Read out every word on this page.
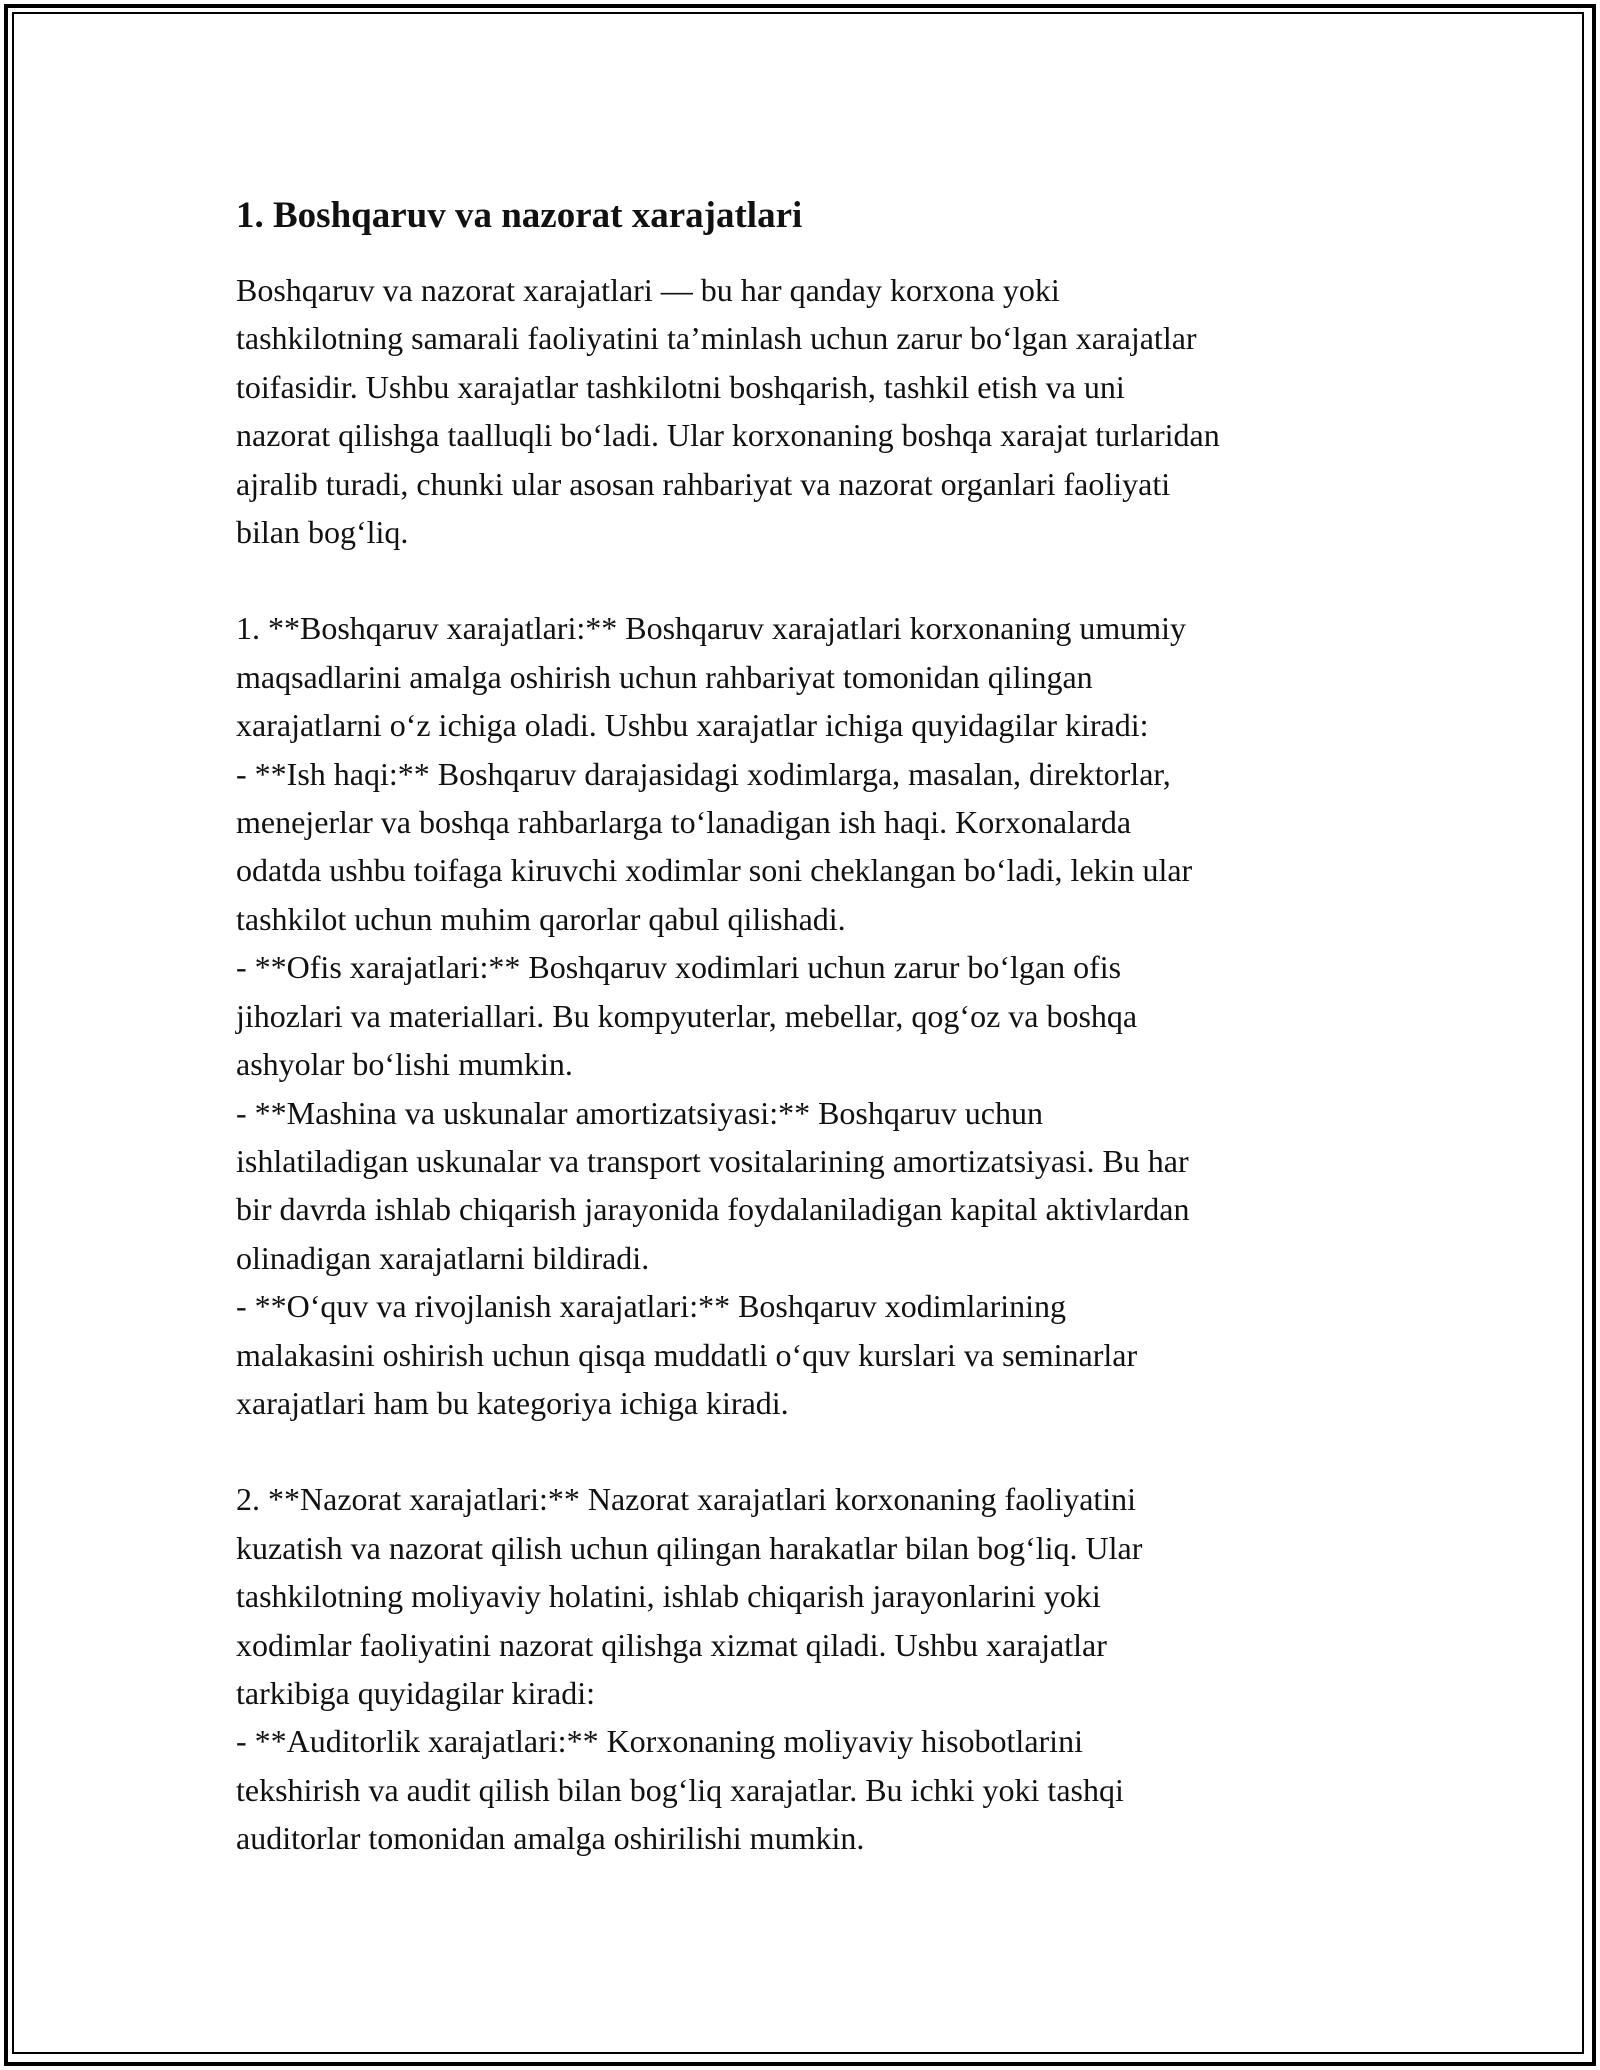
1. Boshqaruv va nazorat xarajatlari

Boshqaruv va nazorat xarajatlari — bu har qanday korxona yoki
tashkilotning samarali faoliyatini ta’minlash uchun zarur bo‘lgan xarajatlar
toifasidir. Ushbu xarajatlar tashkilotni boshqarish, tashkil etish va uni
nazorat qilishga taalluqli bo‘ladi. Ular korxonaning boshqa xarajat turlaridan
ajralib turadi, chunki ular asosan rahbariyat va nazorat organlari faoliyati
bilan bog‘liq.

1. **Boshqaruv xarajatlari:** Boshqaruv xarajatlari korxonaning umumiy
maqsadlarini amalga oshirish uchun rahbariyat tomonidan qilingan
xarajatlarni o‘z ichiga oladi. Ushbu xarajatlar ichiga quyidagilar kiradi:
- **Ish haqi:** Boshqaruv darajasidagi xodimlarga, masalan, direktorlar,
menejerlar va boshqa rahbarlarga to‘lanadigan ish haqi. Korxonalarda
odatda ushbu toifaga kiruvchi xodimlar soni cheklangan bo‘ladi, lekin ular
tashkilot uchun muhim qarorlar qabul qilishadi.
- **Ofis xarajatlari:** Boshqaruv xodimlari uchun zarur bo‘lgan ofis
jihozlari va materiallari. Bu kompyuterlar, mebellar, qog‘oz va boshqa
ashyolar bo‘lishi mumkin.
- **Mashina va uskunalar amortizatsiyasi:** Boshqaruv uchun
ishlatiladigan uskunalar va transport vositalarining amortizatsiyasi. Bu har
bir davrda ishlab chiqarish jarayonida foydalaniladigan kapital aktivlardan
olinadigan xarajatlarni bildiradi.
- **O‘quv va rivojlanish xarajatlari:** Boshqaruv xodimlarining
malakasini oshirish uchun qisqa muddatli o‘quv kurslari va seminarlar
xarajatlari ham bu kategoriya ichiga kiradi.

2. **Nazorat xarajatlari:** Nazorat xarajatlari korxonaning faoliyatini
kuzatish va nazorat qilish uchun qilingan harakatlar bilan bog‘liq. Ular
tashkilotning moliyaviy holatini, ishlab chiqarish jarayonlarini yoki
xodimlar faoliyatini nazorat qilishga xizmat qiladi. Ushbu xarajatlar
tarkibiga quyidagilar kiradi:
- **Auditorlik xarajatlari:** Korxonaning moliyaviy hisobotlarini
tekshirish va audit qilish bilan bog‘liq xarajatlar. Bu ichki yoki tashqi
auditorlar tomonidan amalga oshirilishi mumkin.
